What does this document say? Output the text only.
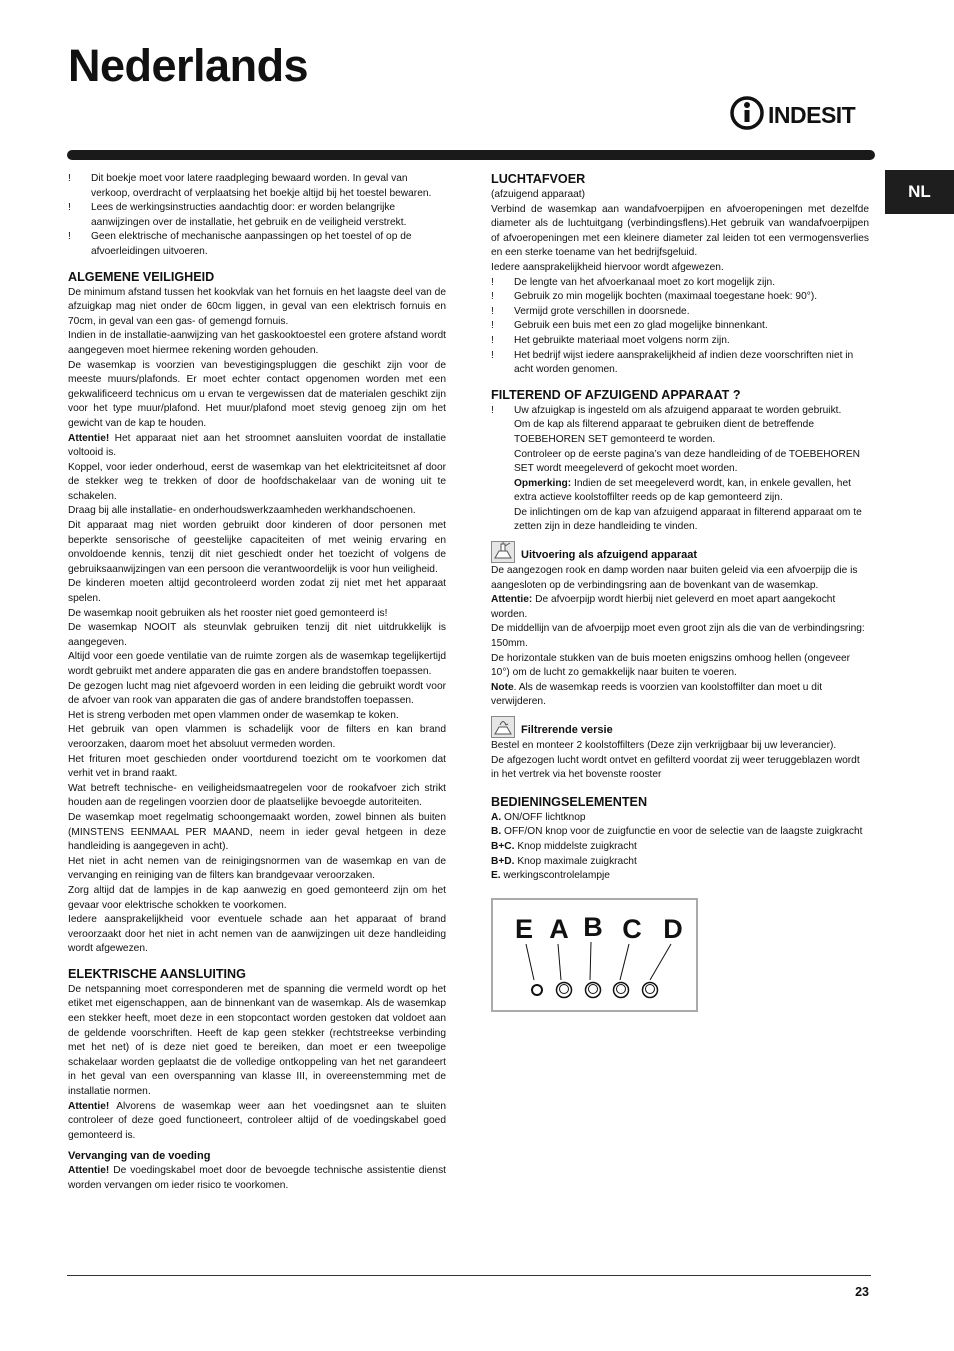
Nederlands
INDESIT
NL
!	Dit boekje moet voor latere raadpleging bewaard worden. In geval van verkoop, overdracht of verplaatsing het boekje altijd bij het toestel bewaren.
!	Lees de werkingsinstructies aandachtig door: er worden belangrijke aanwijzingen over de installatie, het gebruik en de veiligheid verstrekt.
!	Geen elektrische of mechanische aanpassingen op het toestel of op de afvoerleidingen uitvoeren.
ALGEMENE VEILIGHEID

De minimum afstand tussen het kookvlak van het fornuis en het laagste deel van de afzuigkap mag niet onder de 60cm liggen, in geval van een elektrisch fornuis en 70cm, in geval van een gas- of gemengd fornuis.

Indien in de installatie-aanwijzing van het gaskooktoestel een grotere afstand wordt aangegeven moet hiermee rekening worden gehouden.

De wasemkap is voorzien van bevestigingspluggen die geschikt zijn voor de meeste muurs/plafonds. Er moet echter contact opgenomen worden met een gekwalificeerd technicus om u ervan te vergewissen dat de materialen geschikt zijn voor het type muur/plafond. Het muur/plafond moet stevig genoeg zijn om het gewicht van de kap te houden.

Attentie! Het apparaat niet aan het stroomnet aansluiten voordat de installatie voltooid is.

Koppel, voor ieder onderhoud, eerst de wasemkap van het elektriciteitsnet af door de stekker weg te trekken of door de hoofdschakelaar van de woning uit te schakelen.

Draag bij alle installatie- en onderhoudswerkzaamheden werkhandschoenen.

Dit apparaat mag niet worden gebruikt door kinderen of door personen met beperkte sensorische of geestelijke capaciteiten of met weinig ervaring en onvoldoende kennis, tenzij dit niet geschiedt onder het toezicht of volgens de gebruiksaanwijzingen van een persoon die verantwoordelijk is voor hun veiligheid.

De kinderen moeten altijd gecontroleerd worden zodat zij niet met het apparaat spelen.

De wasemkap nooit gebruiken als het rooster niet goed gemonteerd is!

De wasemkap NOOIT als steunvlak gebruiken tenzij dit niet uitdrukkelijk is aangegeven.

Altijd voor een goede ventilatie van de ruimte zorgen als de wasemkap tegelijkertijd wordt gebruikt met andere apparaten die gas en andere brandstoffen toepassen.

De gezogen lucht mag niet afgevoerd worden in een leiding die gebruikt wordt voor de afvoer van rook van apparaten die gas of andere brandstoffen toepassen.

Het is streng verboden met open vlammen onder de wasemkap te koken.

Het gebruik van open vlammen is schadelijk voor de filters en kan brand veroorzaken, daarom moet het absoluut vermeden worden.

Het frituren moet geschieden onder voortdurend toezicht om te voorkomen dat verhit vet in brand raakt.

Wat betreft technische- en veiligheidsmaatregelen voor de rookafvoer zich strikt houden aan de regelingen voorzien door de plaatselijke bevoegde autoriteiten.

De wasemkap moet regelmatig schoongemaakt worden, zowel binnen als buiten (MINSTENS EENMAAL PER MAAND, neem in ieder geval hetgeen in deze handleiding is aangegeven in acht).

Het niet in acht nemen van de reinigingsnormen van de wasemkap en van de vervanging en reiniging van de filters kan brandgevaar veroorzaken.

Zorg altijd dat de lampjes in de kap aanwezig en goed gemonteerd zijn om het gevaar voor elektrische schokken te voorkomen.

Iedere aansprakelijkheid voor eventuele schade aan het apparaat of brand veroorzaakt door het niet in acht nemen van de aanwijzingen uit deze handleiding wordt afgewezen.

ELEKTRISCHE AANSLUITING

De netspanning moet corresponderen met de spanning die vermeld wordt op het etiket met eigenschappen, aan de binnenkant van de wasemkap. Als de wasemkap een stekker heeft, moet deze in een stopcontact worden gestoken dat voldoet aan de geldende voorschriften. Heeft de kap geen stekker (rechtstreekse verbinding met het net) of is deze niet goed te bereiken, dan moet er een tweepolige schakelaar worden geplaatst die de volledige ontkoppeling van het net garandeert in het geval van een overspanning van klasse III, in overeenstemming met de installatie normen.

Attentie! Alvorens de wasemkap weer aan het voedingsnet aan te sluiten controleer of deze goed functioneert, controleer altijd of de voedingskabel goed gemonteerd is.

Vervanging van de voeding

Attentie! De voedingskabel moet door de bevoegde technische assistentie dienst worden vervangen om ieder risico te voorkomen.

LUCHTAFVOER

(afzuigend apparaat)

Verbind de wasemkap aan wandafvoerpijpen en afvoeropeningen met dezelfde diameter als de luchtuitgang (verbindingsflens).Het gebruik van wandafvoerpijpen of afvoeropeningen met een kleinere diameter zal leiden tot een vermogensverlies en een sterke toename van het bedrijfsgeluid.

Iedere aansprakelijkheid hiervoor wordt afgewezen.

!	De lengte van het afvoerkanaal moet zo kort mogelijk zijn.
!	Gebruik zo min mogelijk bochten (maximaal toegestane hoek: 90°).
!	Vermijd grote verschillen in doorsnede.
!	Gebruik een buis met een zo glad mogelijke binnenkant.
!	Het gebruikte materiaal moet volgens norm zijn.
!	Het bedrijf wijst iedere aansprakelijkheid af indien deze voorschriften niet in acht worden genomen.
FILTEREND OF AFZUIGEND APPARAAT ?
!	Uw afzuigkap is ingesteld om als afzuigend apparaat te worden gebruikt.

Om de kap als filterend apparaat te gebruiken dient de betreffende TOEBEHOREN SET gemonteerd te worden.

Controleer op de eerste pagina’s van deze handleiding of de TOEBEHOREN SET wordt meegeleverd of gekocht moet worden.

Opmerking: Indien de set meegeleverd wordt, kan, in enkele gevallen, het extra actieve koolstoffilter reeds op de kap gemonteerd zijn.

De inlichtingen om de kap van afzuigend apparaat in filterend apparaat om te zetten zijn in deze handleiding te vinden.

Uitvoering als afzuigend apparaat

De aangezogen rook en damp worden naar buiten geleid via een afvoerpijp die is aangesloten op de verbindingsring aan de bovenkant van de wasemkap.

Attentie: De afvoerpijp wordt hierbij niet geleverd en moet apart aangekocht worden.

De middellijn van de afvoerpijp moet even groot zijn als die van de verbindingsring: 150mm.

De horizontale stukken van de buis moeten enigszins omhoog hellen (ongeveer 10°) om de lucht zo gemakkelijk naar buiten te voeren.

Note. Als de wasemkap reeds is voorzien van koolstoffilter dan moet u dit verwijderen.

Filtrerende versie

Bestel en monteer 2 koolstoffilters (Deze zijn verkrijgbaar bij uw leverancier).

De afgezogen lucht wordt ontvet en gefilterd voordat zij weer teruggeblazen wordt in het vertrek via het bovenste rooster

BEDIENINGSELEMENTEN

A. ON/OFF lichtknop

B. OFF/ON knop voor de zuigfunctie en voor de selectie van de laagste zuigkracht

B+C. Knop middelste zuigkracht

B+D. Knop maximale zuigkracht

E. werkingscontrolelampje

E A B C D
23
